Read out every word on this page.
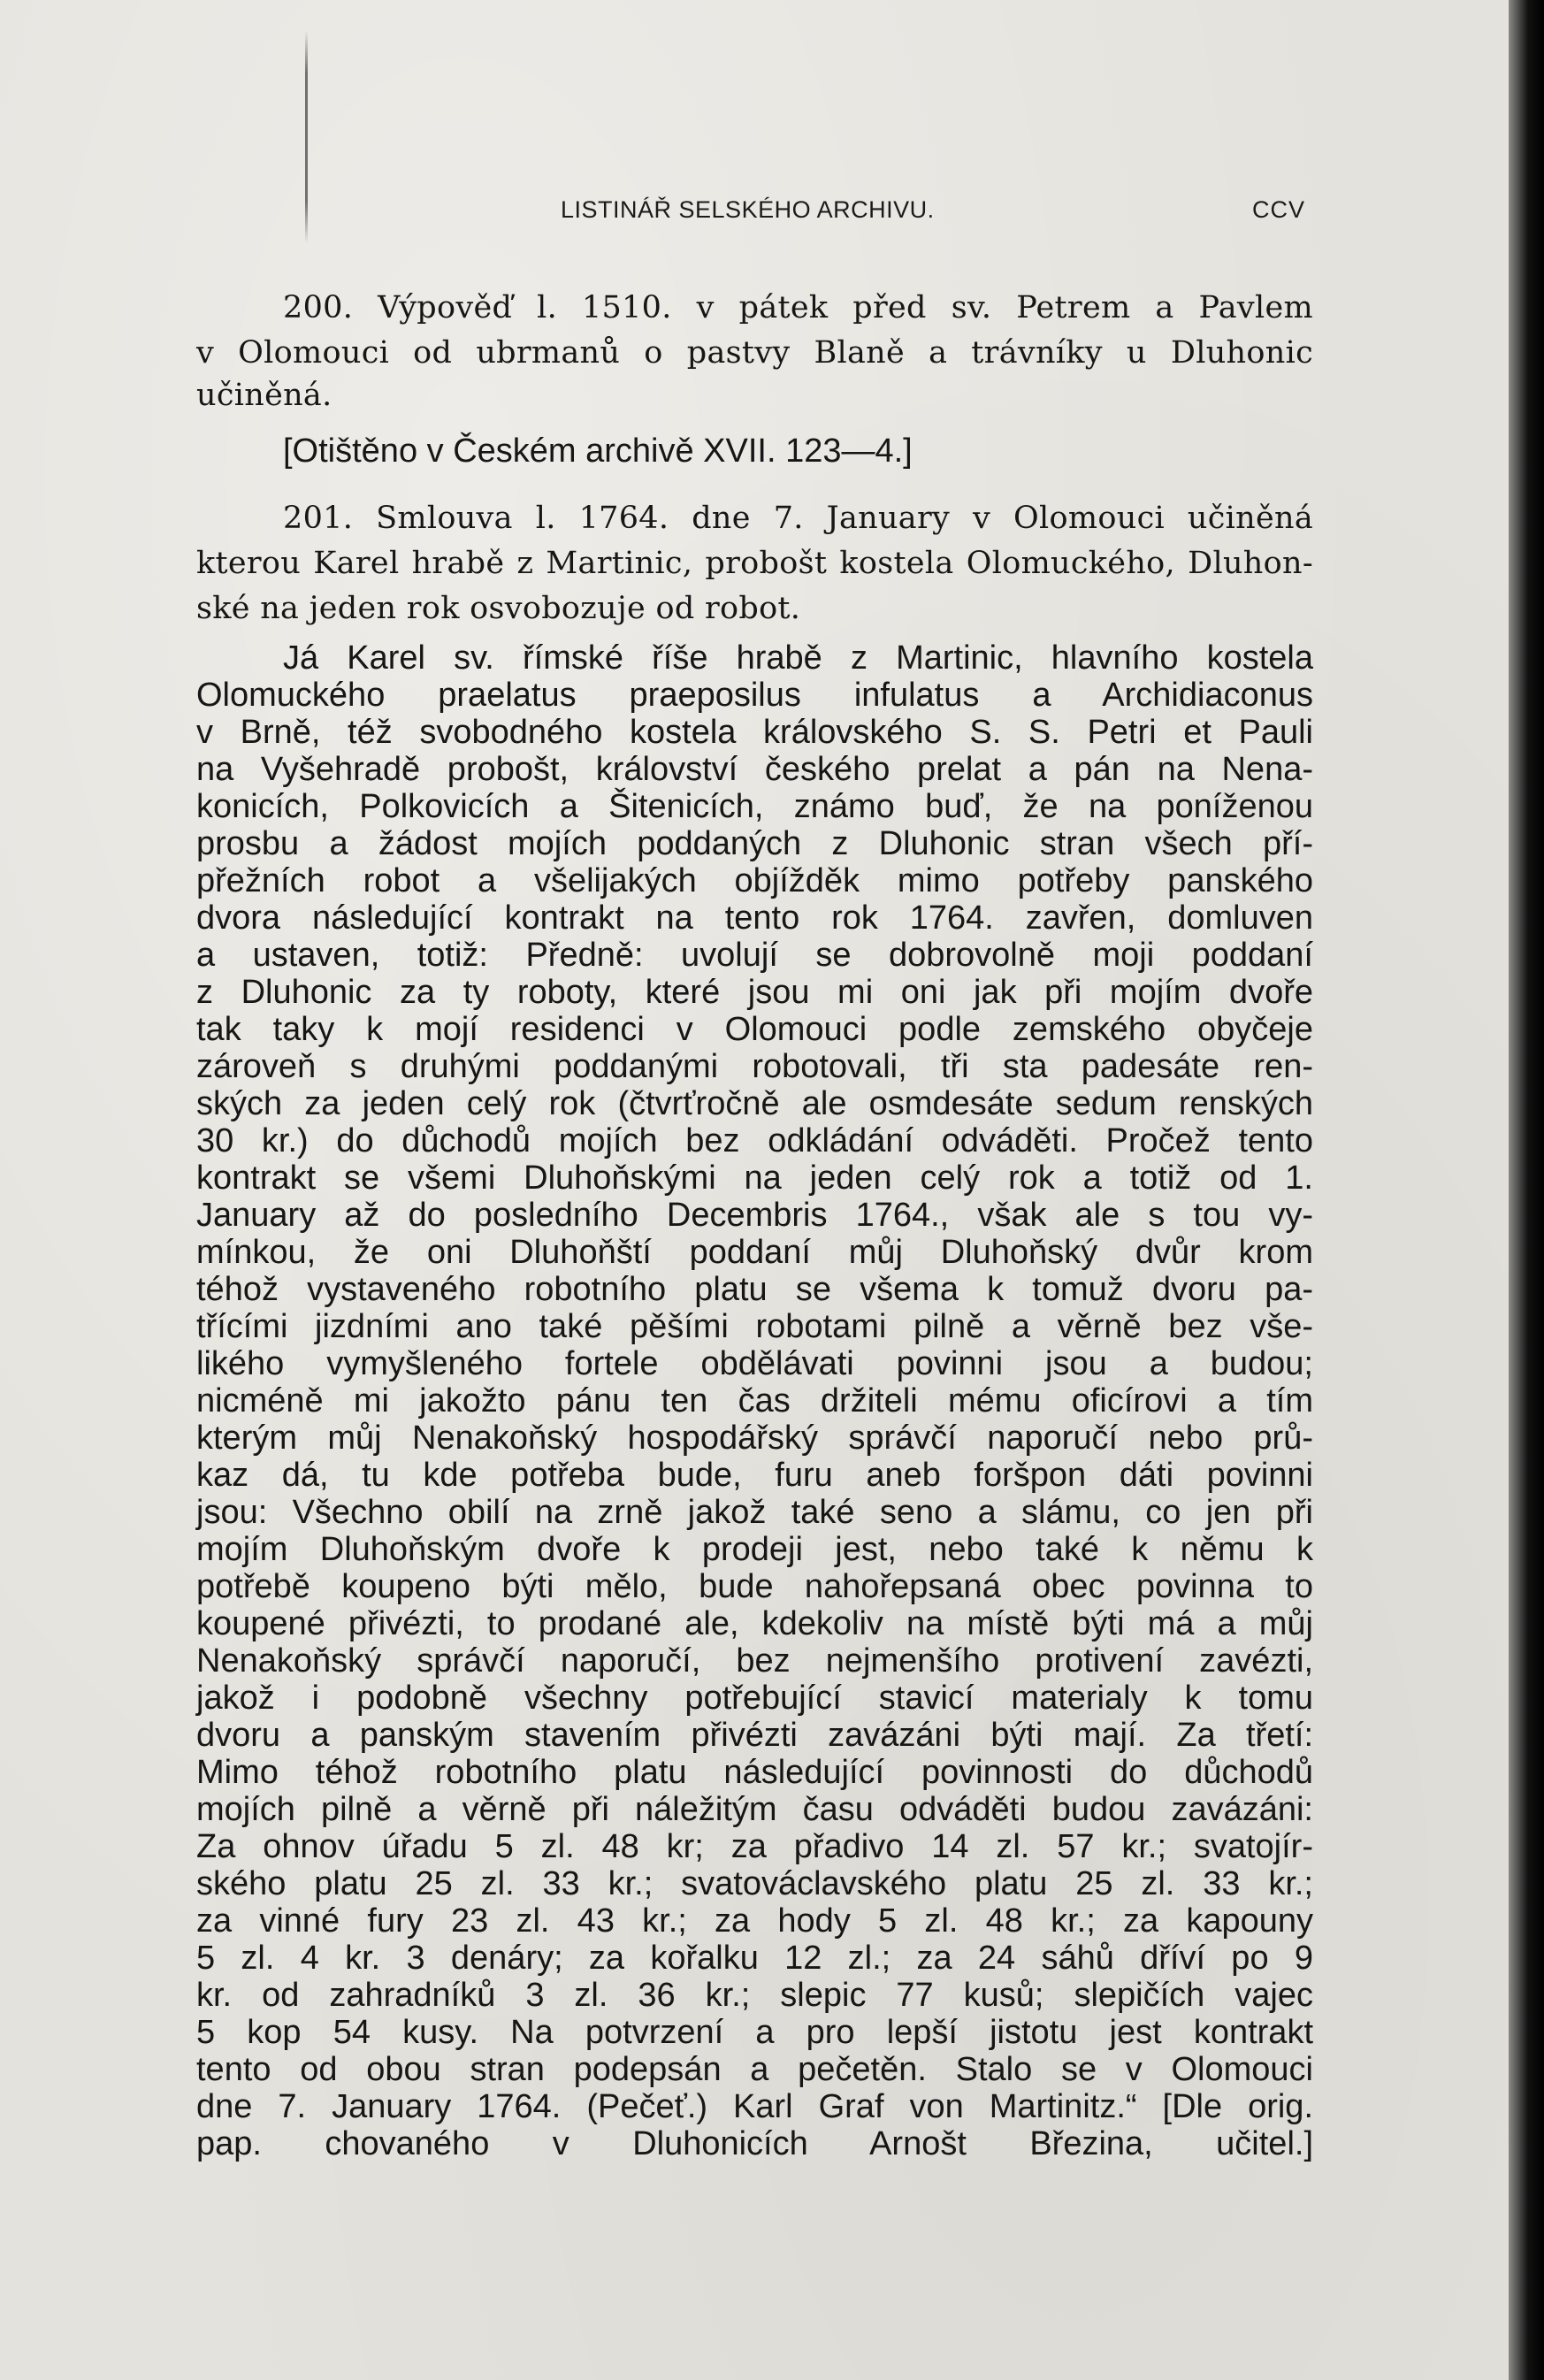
LISTINÁŘ SELSKÉHO ARCHIVU.	CCV
200. Výpověď l. 1510. v pátek před sv. Petrem a Pavlem
v Olomouci od ubrmanů o pastvy Blaně a trávníky u Dluhonic
učiněná.
[Otištěno v Českém archivě XVII. 123—4.]
201. Smlouva l. 1764. dne 7. January v Olomouci učiněná
kterou Karel hrabě z Martinic, probošt kostela Olomuckého, Dluhon-
ské na jeden rok osvobozuje od robot.
Já Karel sv. římské říše hrabě z Martinic, hlavního kostela
Olomuckého praelatus praeposilus infulatus a Archidiaconus
v Brně, též svobodného kostela královského S. S. Petri et Pauli
na Vyšehradě probošt, království českého prelat a pán na Nena-
konicích, Polkovicích a Šitenicích, známo buď, že na poníženou
prosbu a žádost mojích poddaných z Dluhonic stran všech pří-
přežních robot a všelijakých objížděk mimo potřeby panského
dvora následující kontrakt na tento rok 1764. zavřen, domluven
a ustaven, totiž: Předně: uvolují se dobrovolně moji poddaní
z Dluhonic za ty roboty, které jsou mi oni jak při mojím dvoře
tak taky k mojí residenci v Olomouci podle zemského obyčeje
zároveň s druhými poddanými robotovali, tři sta padesáte ren-
ských za jeden celý rok (čtvrťročně ale osmdesáte sedum renských
30 kr.) do důchodů mojích bez odkládání odváděti. Pročež tento
kontrakt se všemi Dluhoňskými na jeden celý rok a totiž od 1.
January až do posledního Decembris 1764., však ale s tou vy-
mínkou, že oni Dluhoňští poddaní můj Dluhoňský dvůr krom
téhož vystaveného robotního platu se všema k tomuž dvoru pa-
třícími jizdními ano také pěšími robotami pilně a věrně bez vše-
likého vymyšleného fortele obdělávati povinni jsou a budou;
nicméně mi jakožto pánu ten čas držiteli mému oficírovi a tím
kterým můj Nenakoňský hospodářský správčí naporučí nebo prů-
kaz dá, tu kde potřeba bude, furu aneb foršpon dáti povinni
jsou: Všechno obilí na zrně jakož také seno a slámu, co jen při
mojím Dluhoňským dvoře k prodeji jest, nebo také k němu k
potřebě koupeno býti mělo, bude nahořepsaná obec povinna to
koupené přivézti, to prodané ale, kdekoliv na místě býti má a můj
Nenakoňský správčí naporučí, bez nejmenšího protivení zavézti,
jakož i podobně všechny potřebující stavicí materialy k tomu
dvoru a panským stavením přivézti zavázáni býti mají. Za třetí:
Mimo téhož robotního platu následující povinnosti do důchodů
mojích pilně a věrně při náležitým času odváděti budou zavázáni:
Za ohnov úřadu 5 zl. 48 kr; za přadivo 14 zl. 57 kr.; svatojír-
ského platu 25 zl. 33 kr.; svatováclavského platu 25 zl. 33 kr.;
za vinné fury 23 zl. 43 kr.; za hody 5 zl. 48 kr.; za kapouny
5 zl. 4 kr. 3 denáry; za kořalku 12 zl.; za 24 sáhů dříví po 9
kr. od zahradníků 3 zl. 36 kr.; slepic 77 kusů; slepičích vajec
5 kop 54 kusy. Na potvrzení a pro lepší jistotu jest kontrakt
tento od obou stran podepsán a pečetěn. Stalo se v Olomouci
dne 7. January 1764. (Pečeť.) Karl Graf von Martinitz.“ [Dle orig.
pap. chovaného v Dluhonicích Arnošt Březina, učitel.]
